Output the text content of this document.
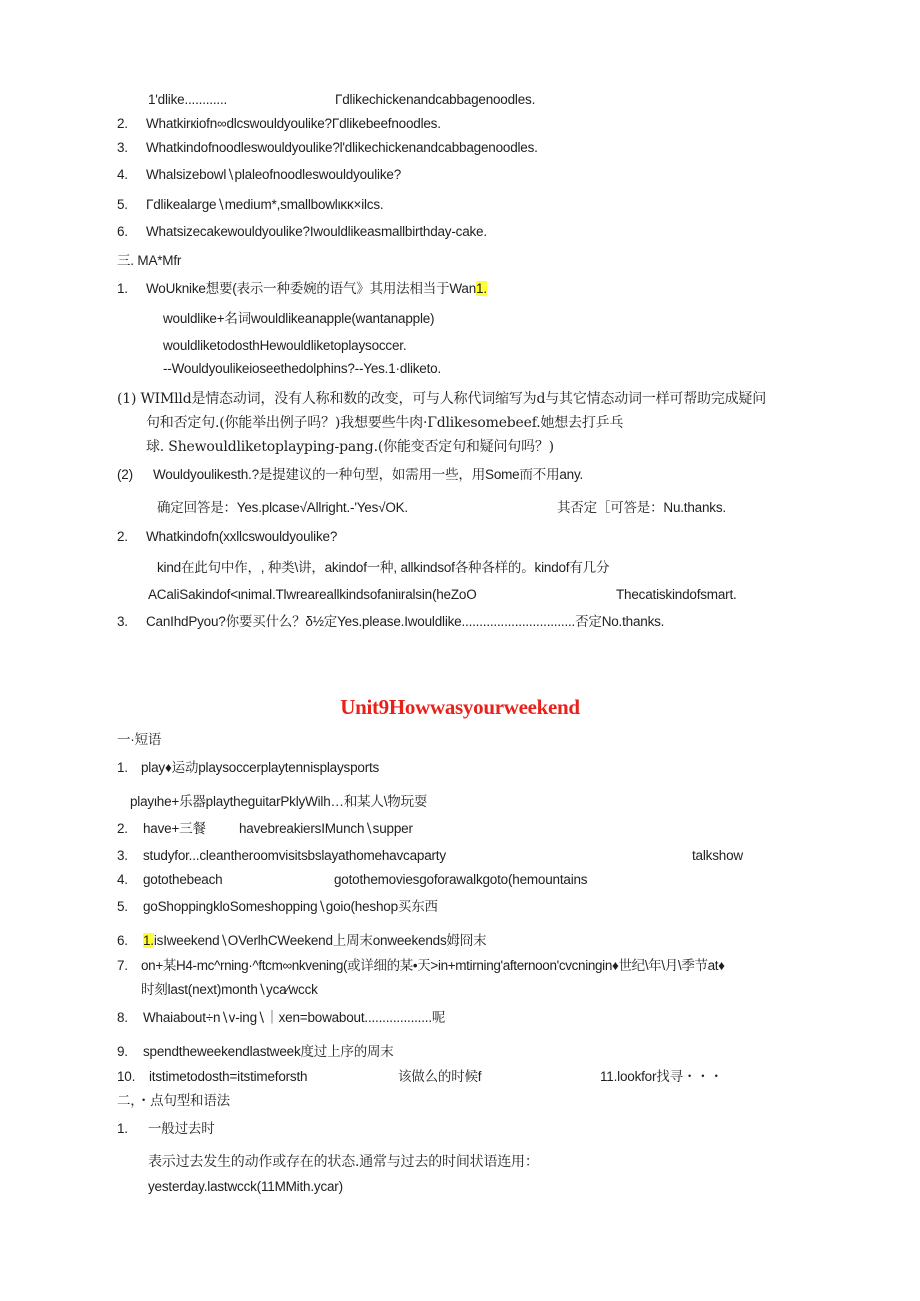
1'dlike............	Γdlikechickenandcabbagenoodles.
2. Whatkirкiofn∞dlcswouldyoulike?Γdlikebeefnoodles.
3. Whatkindofnoodleswouldyoulike?l'dlikechickenandcabbagenoodles.
4. Whalsizebowl∖plaleofnoodleswouldyoulike?
5. Γdlikealarge∖medium*,smallbowlικκ×ilcs.
6. Whatsizecakewouldyoulike?Iwouldlikeasmallbirthday-cake.
三. MA*Mfr
1. WoUknike想要(表示一种委婉的语气》其用法相当于Wan1.
wouldlike+名词wouldlikeanapple(wantanapple)
wouldliketodosthHewouldliketoplaysoccer.
--Wouldyoulikeioseethedolphins?--Yes.1·dliketo.
(1) WIMlld是情态动词，没有人称和数的改变，可与人称代词缩写为d与其它情态动词一样可帮助完成疑问
句和否定句.(你能举出例子吗？)我想要些牛肉·Γdlikesomebeef.她想去打乒乓
球. Shewouldliketoplayping-pang.(你能变否定句和疑问句吗？)
(2) Wouldyoulikesth.?是提建议的一种句型，如需用一些，用Some而不用any.
确定回答是：Yes.plcase√Allright.-'Yes√OK.	其否定［可答是：Nu.thanks.
2. Whatkindofn(xxllcswouldyoulike?
kind在此句中作，, 种类\讲，akindof一种, allkindsof各种各样的。kindof有几分
ACaliSakindof<ιnimal.Tlwreareallkindsofaniιralsin(heZoO	Thecatiskindofsmart.
3. CanIhdPyou?你要买什么？δ½定Yes.please.Iwouldlike................................否定No.thanks.
Unit9Howwasyourweekend
一·短语
1. play♦运动playsoccerplaytennisplaysports
playιhe+乐器playtheguitarPklyWilh…和某人\物玩耍
2. have+三餐 havebreakiersIMunch∖supper
3. studyfor...cleantheroomvisitsbslayathomehavcaparty	talkshow
4. gotothebeach	gotothemoviesgoforawalkgoto(hemountains
5. goShoppingkloSomeshopping∖goio(heshop买东西
6. 1.isIweekend∖OVerlhCWeekend上周末onweekends姆冏末
7. on+某H4-mc^rning·^ftcm∞nkvening(或详细的某•天>in+mtirning'afternoon'cvcningin♦世纪\年\月\季节at♦
时刻last(next)month∖yca∕wcck
8. Whaiabout÷n∖v-ing∖｜xen=bowabout...................呢
9. spendtheweekendlastweek度过上序的周末
10. itstimetodosth=itstimeforsth	该做么的时候f	11.lookfor找寻・・・
二，・点句型和语法
1. 一般过去时
表示过去发生的动作或存在的状态.通常与过去的时间状语连用：
yesterday.lastwcck(11MMith.ycar)
